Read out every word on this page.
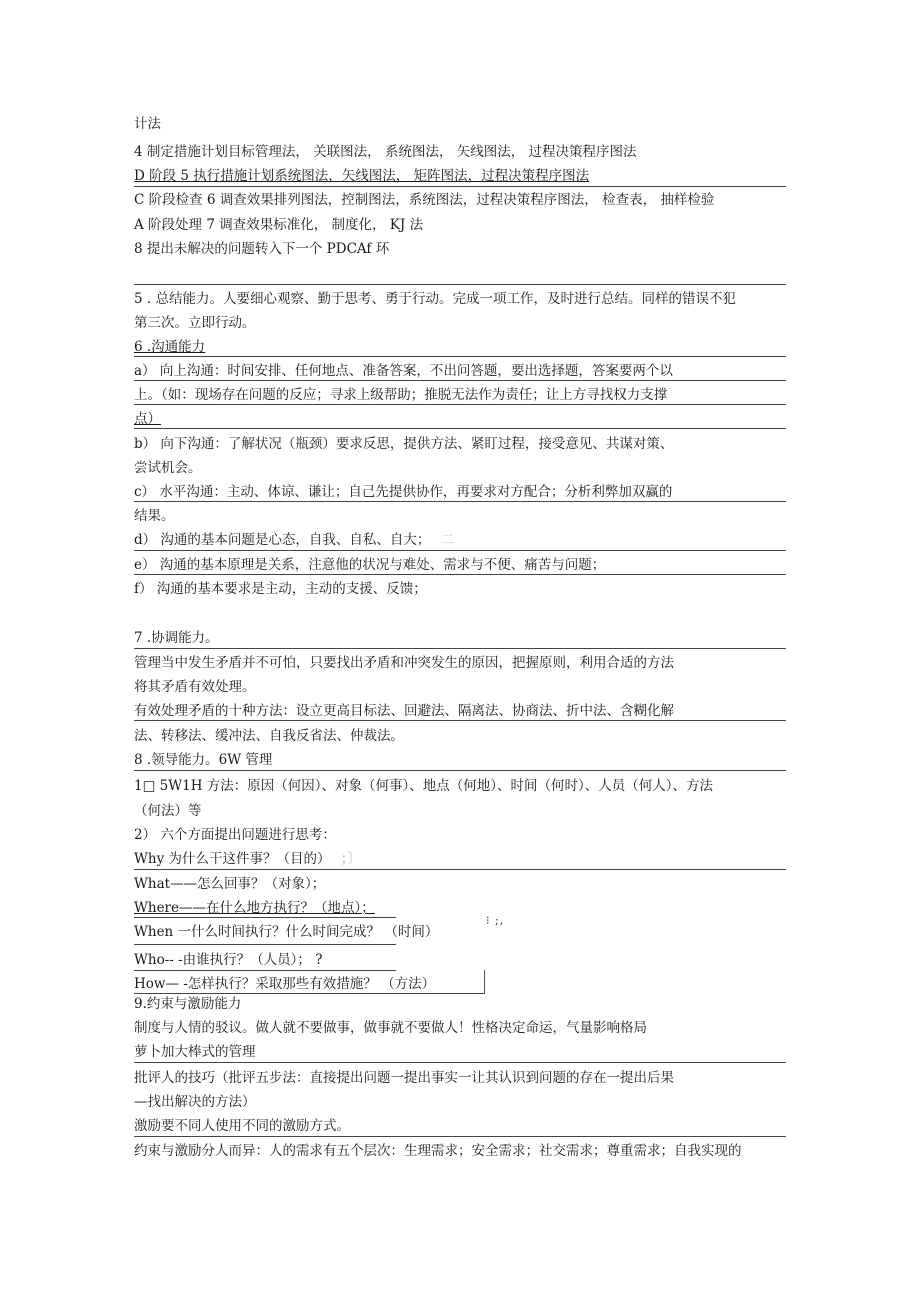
计法
4 制定措施计划目标管理法， 关联图法， 系统图法， 矢线图法， 过程决策程序图法
D 阶段 5 执行措施计划系统图法，矢线图法， 矩阵图法，过程决策程序图法
C 阶段检查 6 调查效果排列图法，控制图法，系统图法，过程决策程序图法， 检查表， 抽样检验
A 阶段处理 7 调查效果标准化， 制度化， KJ 法
8 提出未解决的问题转入下一个 PDCAf 环
5 . 总结能力。人要细心观察、勤于思考、勇于行动。完成一项工作，及时进行总结。同样的错误不犯
第三次。立即行动。
6 .沟通能力
a） 向上沟通：时间安排、任何地点、准备答案，不出问答题，要出选择题，答案要两个以
上。（如：现场存在问题的反应；寻求上级帮助；推脱无法作为责任；让上方寻找权力支撑
点）
b） 向下沟通：了解状况（瓶颈）要求反思，提供方法、紧盯过程，接受意见、共谋对策、
尝试机会。
c） 水平沟通：主动、体谅、谦让；自己先提供协作，再要求对方配合；分析利弊加双赢的
结果。
d） 沟通的基本问题是心态，自我、自私、自大； 二
e） 沟通的基本原理是关系，注意他的状况与难处、需求与不便、痛苦与问题；
f） 沟通的基本要求是主动，主动的支援、反馈；
7 .协调能力。
管理当中发生矛盾并不可怕，只要找出矛盾和冲突发生的原因，把握原则，利用合适的方法
将其矛盾有效处理。
有效处理矛盾的十种方法：设立更高目标法、回避法、隔离法、协商法、折中法、含糊化解
法、转移法、缓冲法、自我反省法、仲裁法。
8 .领导能力。6W 管理
1□ 5W1H 方法：原因（何因）、对象（何事）、地点（何地）、时间（何时）、人员（何人）、方法
（何法）等
2） 六个方面提出问题进行思考：
Why 为什么干这件事？（目的） ；〕
What——怎么回事？（对象）；
Where——在什么地方执行？（地点）；
When 一什么时间执行？什么时间完成？ （时间）
⁝ ;,
Who-- -由谁执行？（人员）； ?
How— -怎样执行？采取那些有效措施？ （方法）
9.约束与激励能力
制度与人情的驳议。做人就不要做事，做事就不要做人！性格决定命运，气量影响格局
萝卜加大棒式的管理
批评人的技巧（批评五步法：直接提出问题一提出事实一让其认识到问题的存在一提出后果
—找出解决的方法）
激励要不同人使用不同的激励方式。
约束与激励分人而异：人的需求有五个层次：生理需求；安全需求；社交需求；尊重需求；自我实现的
